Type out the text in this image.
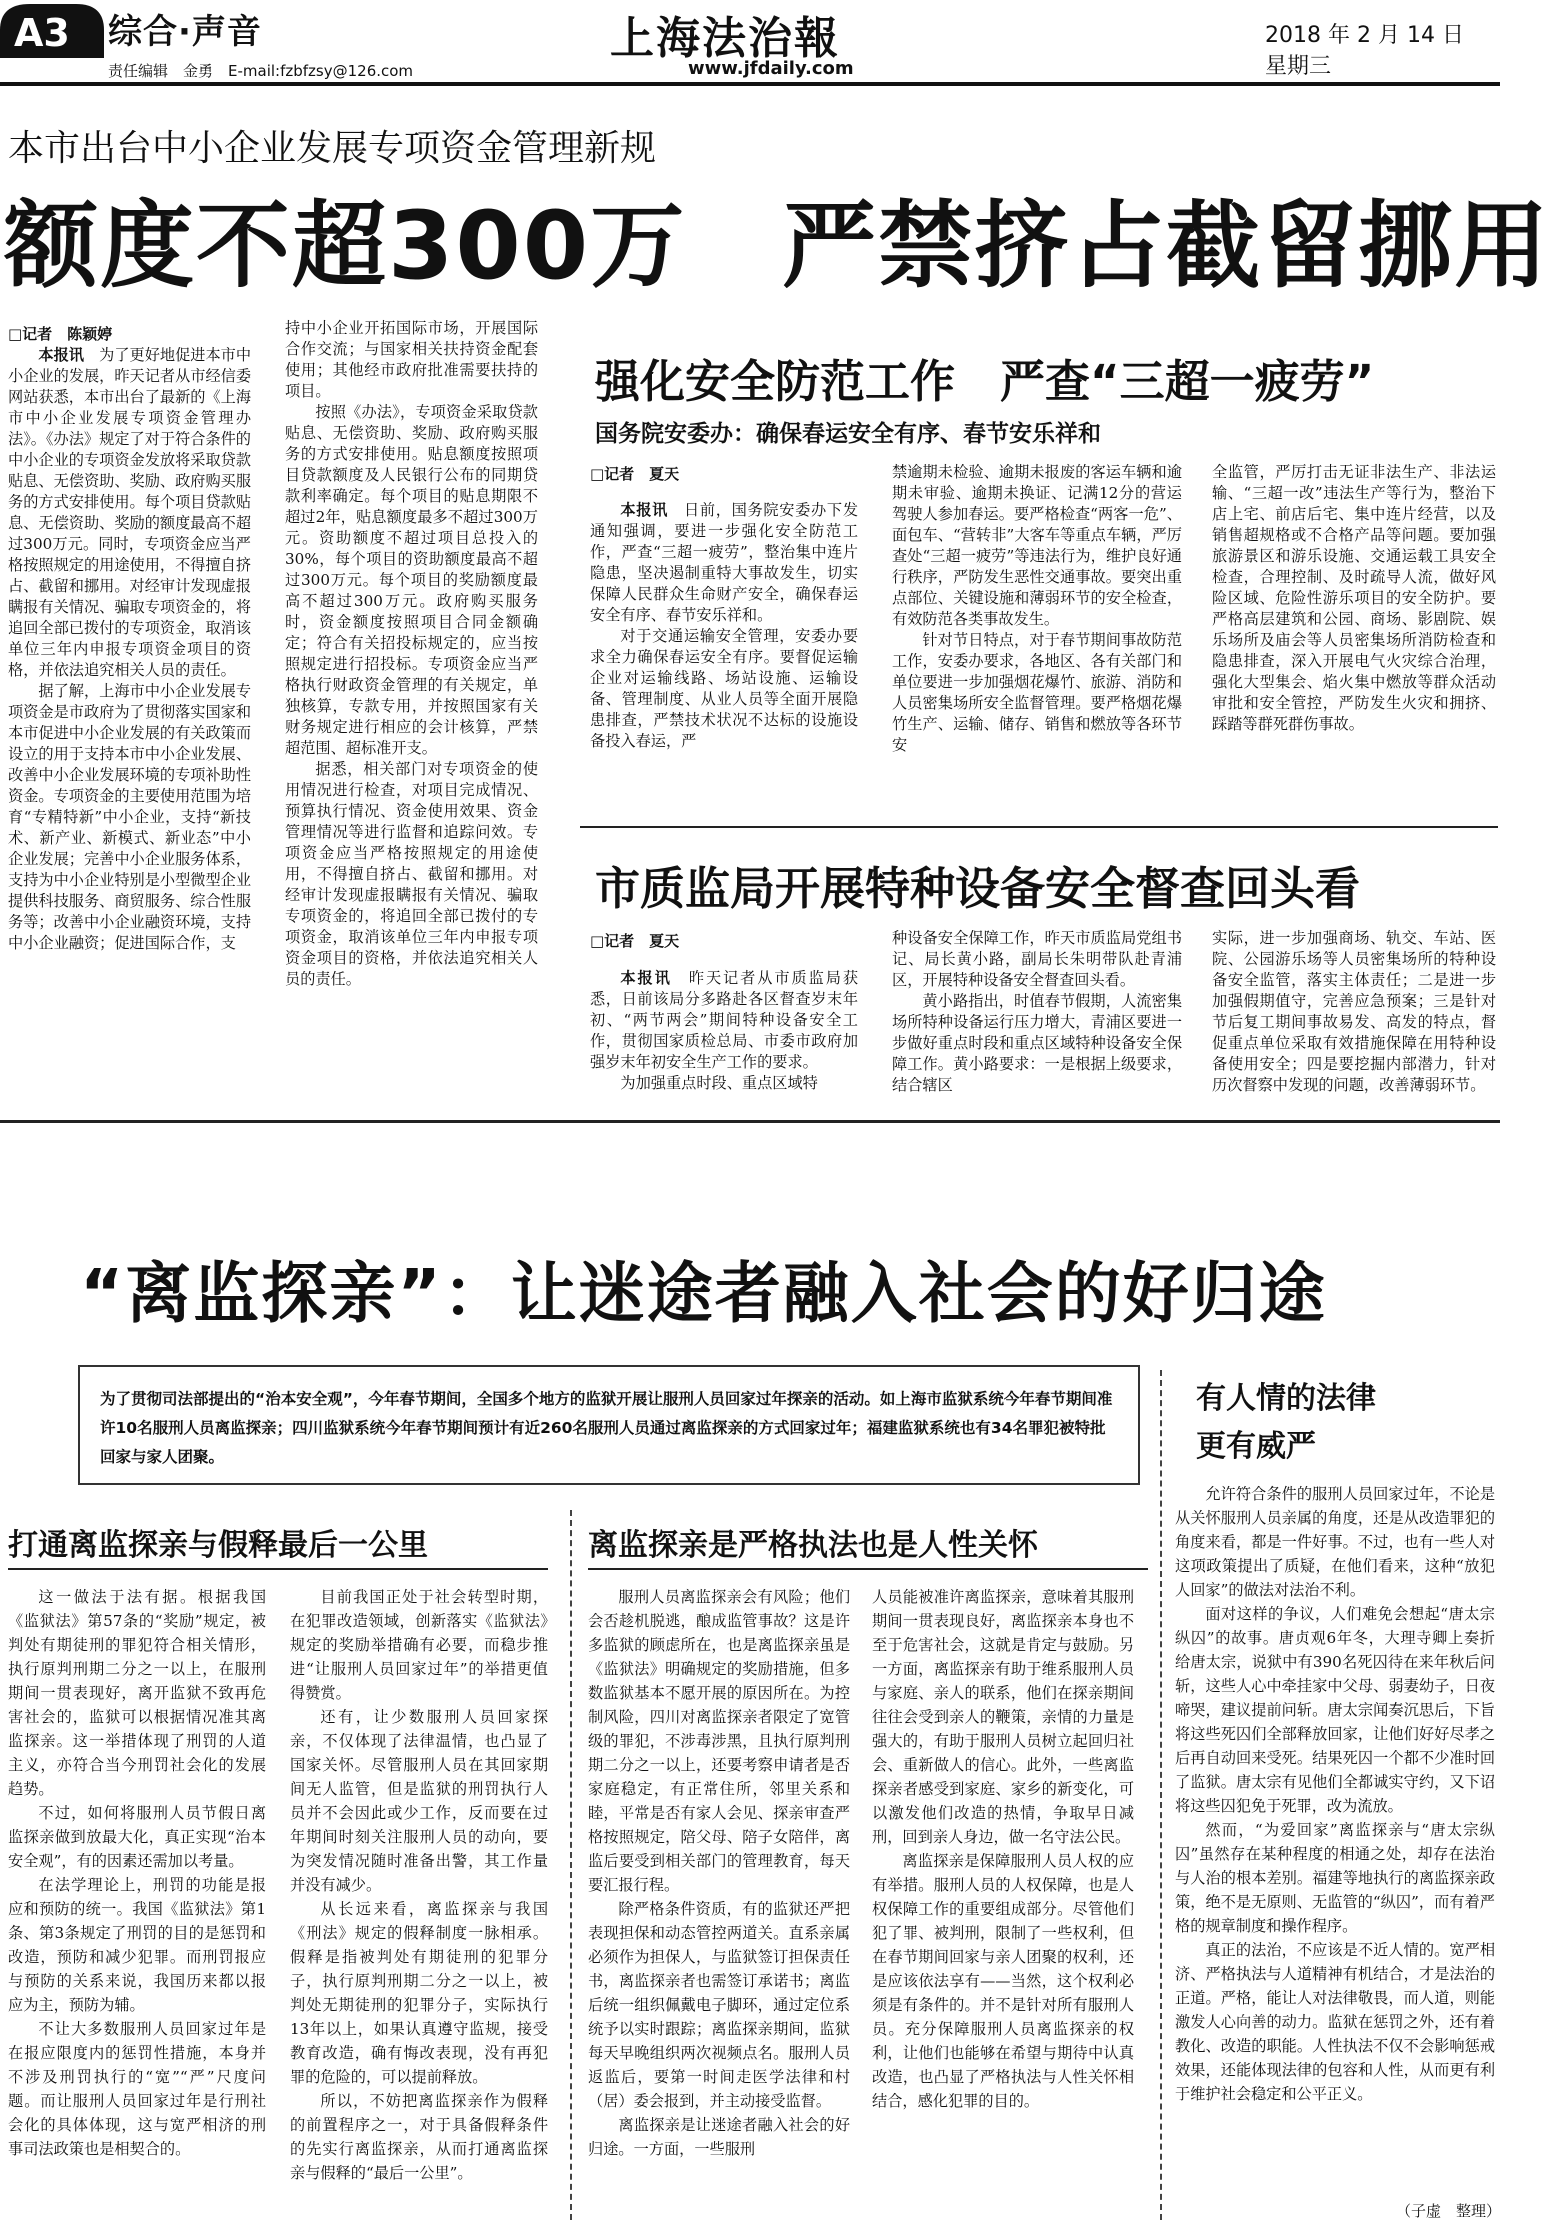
A3 综合·声音	上海法治報	2018 年 2 月 14 日　星期三
责任编辑　金勇　E-mail:fzbfzsy@126.com	www.jfdaily.com
本市出台中小企业发展专项资金管理新规
额度不超300万　严禁挤占截留挪用
□记者　陈颖婷

本报讯　为了更好地促进本市中小企业的发展，昨天记者从市经信委网站获悉，本市出台了最新的《上海市中小企业发展专项资金管理办法》。《办法》规定了对于符合条件的中小企业的专项资金发放将采取贷款贴息、无偿资助、奖励、政府购买服务的方式安排使用。每个项目贷款贴息、无偿资助、奖励的额度最高不超过300万元。同时，专项资金应当严格按照规定的用途使用，不得擅自挤占、截留和挪用。对经审计发现虚报瞒报有关情况、骗取专项资金的，将追回全部已拨付的专项资金，取消该单位三年内申报专项资金项目的资格，并依法追究相关人员的责任。

据了解，上海市中小企业发展专项资金是市政府为了贯彻落实国家和本市促进中小企业发展的有关政策而设立的用于支持本市中小企业发展、改善中小企业发展环境的专项补助性资金。专项资金的主要使用范围为培育“专精特新”中小企业，支持“新技术、新产业、新模式、新业态”中小企业发展；完善中小企业服务体系，支持为中小企业特别是小型微型企业提供科技服务、商贸服务、综合性服务等；改善中小企业融资环境，支持中小企业融资；促进国际合作，支

持中小企业开拓国际市场，开展国际合作交流；与国家相关扶持资金配套使用；其他经市政府批准需要扶持的项目。

按照《办法》，专项资金采取贷款贴息、无偿资助、奖励、政府购买服务的方式安排使用。贴息额度按照项目贷款额度及人民银行公布的同期贷款利率确定。每个项目的贴息期限不超过2年，贴息额度最多不超过300万元。资助额度不超过项目总投入的30%，每个项目的资助额度最高不超过300万元。每个项目的奖励额度最高不超过300万元。政府购买服务时，资金额度按照项目合同金额确定；符合有关招投标规定的，应当按照规定进行招投标。专项资金应当严格执行财政资金管理的有关规定，单独核算，专款专用，并按照国家有关财务规定进行相应的会计核算，严禁超范围、超标准开支。

据悉，相关部门对专项资金的使用情况进行检查，对项目完成情况、预算执行情况、资金使用效果、资金管理情况等进行监督和追踪问效。专项资金应当严格按照规定的用途使用，不得擅自挤占、截留和挪用。对经审计发现虚报瞒报有关情况、骗取专项资金的，将追回全部已拨付的专项资金，取消该单位三年内申报专项资金项目的资格，并依法追究相关人员的责任。

强化安全防范工作　严查“三超一疲劳”
国务院安委办：确保春运安全有序、春节安乐祥和
□记者　夏天

本报讯　日前，国务院安委办下发通知强调，要进一步强化安全防范工作，严查“三超一疲劳”，整治集中连片隐患，坚决遏制重特大事故发生，切实保障人民群众生命财产安全，确保春运安全有序、春节安乐祥和。

对于交通运输安全管理，安委办要求全力确保春运安全有序。要督促运输企业对运输线路、场站设施、运输设备、管理制度、从业人员等全面开展隐患排查，严禁技术状况不达标的设施设备投入春运，严

禁逾期未检验、逾期未报废的客运车辆和逾期未审验、逾期未换证、记满12分的营运驾驶人参加春运。要严格检查“两客一危”、面包车、“营转非”大客车等重点车辆，严厉查处“三超一疲劳”等违法行为，维护良好通行秩序，严防发生恶性交通事故。要突出重点部位、关键设施和薄弱环节的安全检查，有效防范各类事故发生。

针对节日特点，对于春节期间事故防范工作，安委办要求，各地区、各有关部门和单位要进一步加强烟花爆竹、旅游、消防和人员密集场所安全监督管理。要严格烟花爆竹生产、运输、储存、销售和燃放等各环节安

全监管，严厉打击无证非法生产、非法运输、“三超一改”违法生产等行为，整治下店上宅、前店后宅、集中连片经营，以及销售超规格或不合格产品等问题。要加强旅游景区和游乐设施、交通运载工具安全检查，合理控制、及时疏导人流，做好风险区域、危险性游乐项目的安全防护。要严格高层建筑和公园、商场、影剧院、娱乐场所及庙会等人员密集场所消防检查和隐患排查，深入开展电气火灾综合治理，强化大型集会、焰火集中燃放等群众活动审批和安全管控，严防发生火灾和拥挤、踩踏等群死群伤事故。

市质监局开展特种设备安全督查回头看
□记者　夏天

本报讯　昨天记者从市质监局获悉，日前该局分多路赴各区督查岁末年初、“两节两会”期间特种设备安全工作，贯彻国家质检总局、市委市政府加强岁末年初安全生产工作的要求。

为加强重点时段、重点区域特

种设备安全保障工作，昨天市质监局党组书记、局长黄小路，副局长朱明带队赴青浦区，开展特种设备安全督查回头看。

黄小路指出，时值春节假期，人流密集场所特种设备运行压力增大，青浦区要进一步做好重点时段和重点区域特种设备安全保障工作。黄小路要求：一是根据上级要求，结合辖区

实际，进一步加强商场、轨交、车站、医院、公园游乐场等人员密集场所的特种设备安全监管，落实主体责任；二是进一步加强假期值守，完善应急预案；三是针对节后复工期间事故易发、高发的特点，督促重点单位采取有效措施保障在用特种设备使用安全；四是要挖掘内部潜力，针对历次督察中发现的问题，改善薄弱环节。

“离监探亲”：让迷途者融入社会的好归途
为了贯彻司法部提出的“治本安全观”，今年春节期间，全国多个地方的监狱开展让服刑人员回家过年探亲的活动。如上海市监狱系统今年春节期间准许10名服刑人员离监探亲；四川监狱系统今年春节期间预计有近260名服刑人员通过离监探亲的方式回家过年；福建监狱系统也有34名罪犯被特批回家与家人团聚。
打通离监探亲与假释最后一公里

这一做法于法有据。根据我国《监狱法》第57条的“奖励”规定，被判处有期徒刑的罪犯符合相关情形，执行原判刑期二分之一以上，在服刑期间一贯表现好，离开监狱不致再危害社会的，监狱可以根据情况准其离监探亲。这一举措体现了刑罚的人道主义，亦符合当今刑罚社会化的发展趋势。

不过，如何将服刑人员节假日离监探亲做到放最大化，真正实现“治本安全观”，有的因素还需加以考量。

在法学理论上，刑罚的功能是报应和预防的统一。我国《监狱法》第1条、第3条规定了刑罚的目的是惩罚和改造，预防和减少犯罪。而刑罚报应与预防的关系来说，我国历来都以报应为主，预防为辅。

不让大多数服刑人员回家过年是在报应限度内的惩罚性措施，本身并不涉及刑罚执行的“宽”“严”尺度问题。而让服刑人员回家过年是行刑社会化的具体体现，这与宽严相济的刑事司法政策也是相契合的。

目前我国正处于社会转型时期，在犯罪改造领域，创新落实《监狱法》规定的奖励举措确有必要，而稳步推进“让服刑人员回家过年”的举措更值得赞赏。

还有，让少数服刑人员回家探亲，不仅体现了法律温情，也凸显了国家关怀。尽管服刑人员在其回家期间无人监管，但是监狱的刑罚执行人员并不会因此或少工作，反而要在过年期间时刻关注服刑人员的动向，要为突发情况随时准备出警，其工作量并没有减少。

从长远来看，离监探亲与我国《刑法》规定的假释制度一脉相承。假释是指被判处有期徒刑的犯罪分子，执行原判刑期二分之一以上，被判处无期徒刑的犯罪分子，实际执行13年以上，如果认真遵守监规，接受教育改造，确有悔改表现，没有再犯罪的危险的，可以提前释放。

所以，不妨把离监探亲作为假释的前置程序之一，对于具备假释条件的先实行离监探亲，从而打通离监探亲与假释的“最后一公里”。

离监探亲是严格执法也是人性关怀

服刑人员离监探亲会有风险；他们会否趁机脱逃，酿成监管事故？这是许多监狱的顾虑所在，也是离监探亲虽是《监狱法》明确规定的奖励措施，但多数监狱基本不愿开展的原因所在。为控制风险，四川对离监探亲者限定了宽管级的罪犯，不涉毒涉黑，且执行原判刑期二分之一以上，还要考察申请者是否家庭稳定，有正常住所，邻里关系和睦，平常是否有家人会见、探亲审查严格按照规定，陪父母、陪子女陪伴，离监后要受到相关部门的管理教育，每天要汇报行程。

除严格条件资质，有的监狱还严把表现担保和动态管控两道关。直系亲属必须作为担保人，与监狱签订担保责任书，离监探亲者也需签订承诺书；离监后统一组织佩戴电子脚环，通过定位系统予以实时跟踪；离监探亲期间，监狱每天早晚组织两次视频点名。服刑人员返监后，要第一时间走医学法律和村（居）委会报到，并主动接受监督。

离监探亲是让迷途者融入社会的好归途。一方面，一些服刑

人员能被准许离监探亲，意味着其服刑期间一贯表现良好，离监探亲本身也不至于危害社会，这就是肯定与鼓励。另一方面，离监探亲有助于维系服刑人员与家庭、亲人的联系，他们在探亲期间往往会受到亲人的鞭策，亲情的力量是强大的，有助于服刑人员树立起回归社会、重新做人的信心。此外，一些离监探亲者感受到家庭、家乡的新变化，可以激发他们改造的热情，争取早日减刑，回到亲人身边，做一名守法公民。

离监探亲是保障服刑人员人权的应有举措。服刑人员的人权保障，也是人权保障工作的重要组成部分。尽管他们犯了罪、被判刑，限制了一些权利，但在春节期间回家与亲人团聚的权利，还是应该依法享有——当然，这个权利必须是有条件的。并不是针对所有服刑人员。充分保障服刑人员离监探亲的权利，让他们也能够在希望与期待中认真改造，也凸显了严格执法与人性关怀相结合，感化犯罪的目的。

有人情的法律
更有威严

允许符合条件的服刑人员回家过年，不论是从关怀服刑人员亲属的角度，还是从改造罪犯的角度来看，都是一件好事。不过，也有一些人对这项政策提出了质疑，在他们看来，这种“放犯人回家”的做法对法治不利。

面对这样的争议，人们难免会想起“唐太宗纵囚”的故事。唐贞观6年冬，大理寺卿上奏折给唐太宗，说狱中有390名死囚待在来年秋后问斩，这些人心中牵挂家中父母、弱妻幼子，日夜啼哭，建议提前问斩。唐太宗闻奏沉思后，下旨将这些死囚们全部释放回家，让他们好好尽孝之后再自动回来受死。结果死囚一个都不少准时回了监狱。唐太宗有见他们全都诚实守约，又下诏将这些囚犯免于死罪，改为流放。

然而，“为爱回家”离监探亲与“唐太宗纵囚”虽然存在某种程度的相通之处，却存在法治与人治的根本差别。福建等地执行的离监探亲政策，绝不是无原则、无监管的“纵囚”，而有着严格的规章制度和操作程序。

真正的法治，不应该是不近人情的。宽严相济、严格执法与人道精神有机结合，才是法治的正道。严格，能让人对法律敬畏，而人道，则能激发人心向善的动力。监狱在惩罚之外，还有着教化、改造的职能。人性执法不仅不会影响惩戒效果，还能体现法律的包容和人性，从而更有利于维护社会稳定和公平正义。

（子虚　整理）
